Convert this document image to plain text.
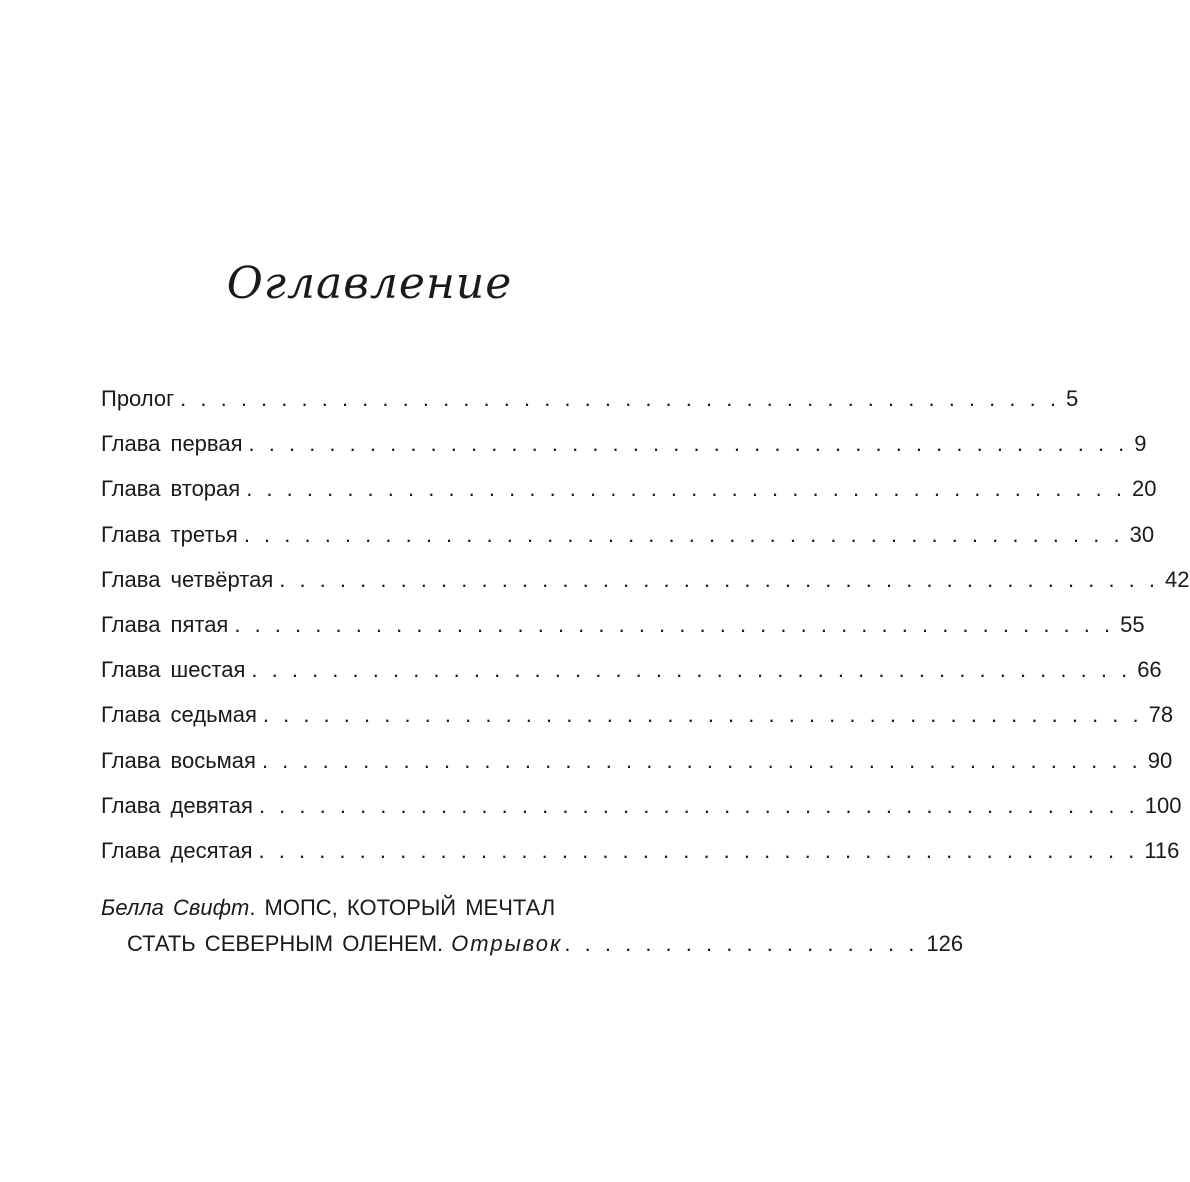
Оглавление
Пролог . . . . . . . . . . . . . . . . . . . . . . . . . . . . . . . . . . . . . . . . . . . . 5
Глава первая . . . . . . . . . . . . . . . . . . . . . . . . . . . . . . . . . . . . . . . . . . . . 9
Глава вторая . . . . . . . . . . . . . . . . . . . . . . . . . . . . . . . . . . . . . . . . . . . . 20
Глава третья . . . . . . . . . . . . . . . . . . . . . . . . . . . . . . . . . . . . . . . . . . . . 30
Глава четвёртая . . . . . . . . . . . . . . . . . . . . . . . . . . . . . . . . . . . . . . . . . . . . 42
Глава пятая . . . . . . . . . . . . . . . . . . . . . . . . . . . . . . . . . . . . . . . . . . . . 55
Глава шестая . . . . . . . . . . . . . . . . . . . . . . . . . . . . . . . . . . . . . . . . . . . . 66
Глава седьмая . . . . . . . . . . . . . . . . . . . . . . . . . . . . . . . . . . . . . . . . . . . . 78
Глава восьмая . . . . . . . . . . . . . . . . . . . . . . . . . . . . . . . . . . . . . . . . . . . . 90
Глава девятая . . . . . . . . . . . . . . . . . . . . . . . . . . . . . . . . . . . . . . . . . . . . 100
Глава десятая . . . . . . . . . . . . . . . . . . . . . . . . . . . . . . . . . . . . . . . . . . . . 116
Белла Свифт. МОПС, КОТОРЫЙ МЕЧТАЛ
СТАТЬ СЕВЕРНЫМ ОЛЕНЕМ. Отрывок . . . . . . . . . . . . . . . . . . 126
